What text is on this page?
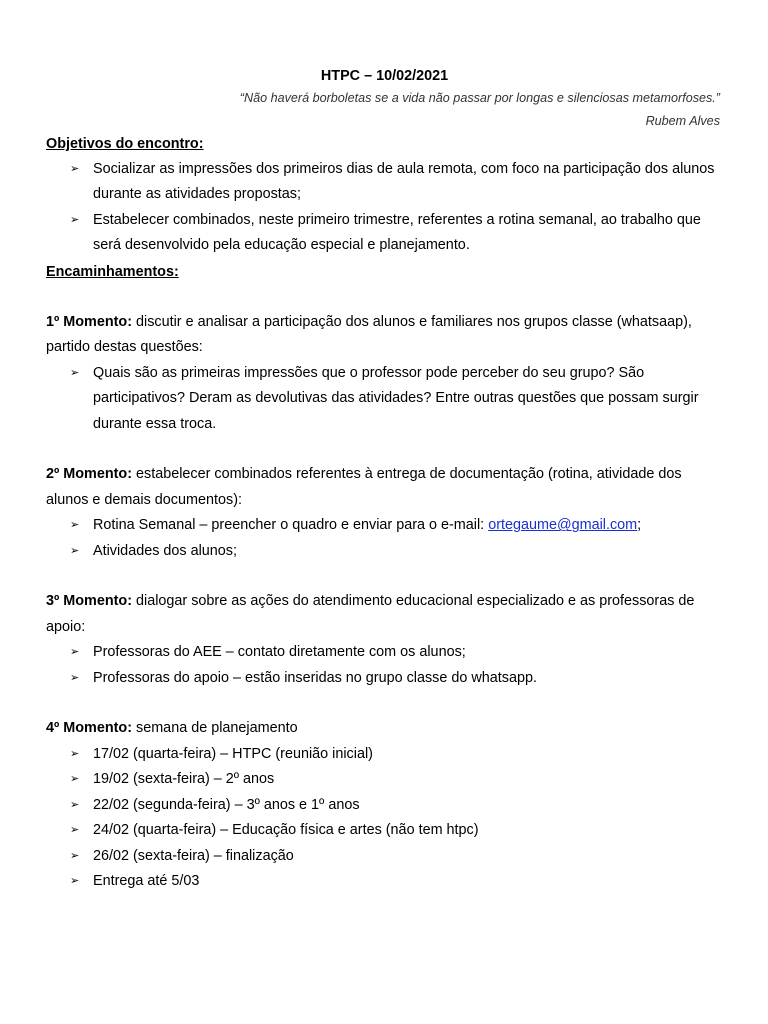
HTPC – 10/02/2021
“Não haverá borboletas se a vida não passar por longas e silenciosas metamorfoses.”
Rubem Alves
Objetivos do encontro:
➢ Socializar as impressões dos primeiros dias de aula remota, com foco na participação dos alunos durante as atividades propostas;
➢ Estabelecer combinados, neste primeiro trimestre, referentes a rotina semanal, ao trabalho que será desenvolvido pela educação especial e planejamento.
Encaminhamentos:
1º Momento: discutir e analisar a participação dos alunos e familiares nos grupos classe (whatsaap), partido destas questões:
➢ Quais são as primeiras impressões que o professor pode perceber do seu grupo? São participativos? Deram as devolutivas das atividades? Entre outras questões que possam surgir durante essa troca.
2º Momento: estabelecer combinados referentes à entrega de documentação (rotina, atividade dos alunos e demais documentos):
➢ Rotina Semanal – preencher o quadro e enviar para o e-mail: ortegaume@gmail.com;
➢ Atividades dos alunos;
3º Momento: dialogar sobre as ações do atendimento educacional especializado e as professoras de apoio:
➢ Professoras do AEE – contato diretamente com os alunos;
➢ Professoras do apoio – estão inseridas no grupo classe do whatsapp.
4º Momento: semana de planejamento
➢ 17/02 (quarta-feira) – HTPC (reunião inicial)
➢ 19/02 (sexta-feira) – 2º anos
➢ 22/02 (segunda-feira) – 3º anos e 1º anos
➢ 24/02 (quarta-feira) – Educação física e artes (não tem htpc)
➢ 26/02 (sexta-feira) – finalização
➢ Entrega até 5/03
